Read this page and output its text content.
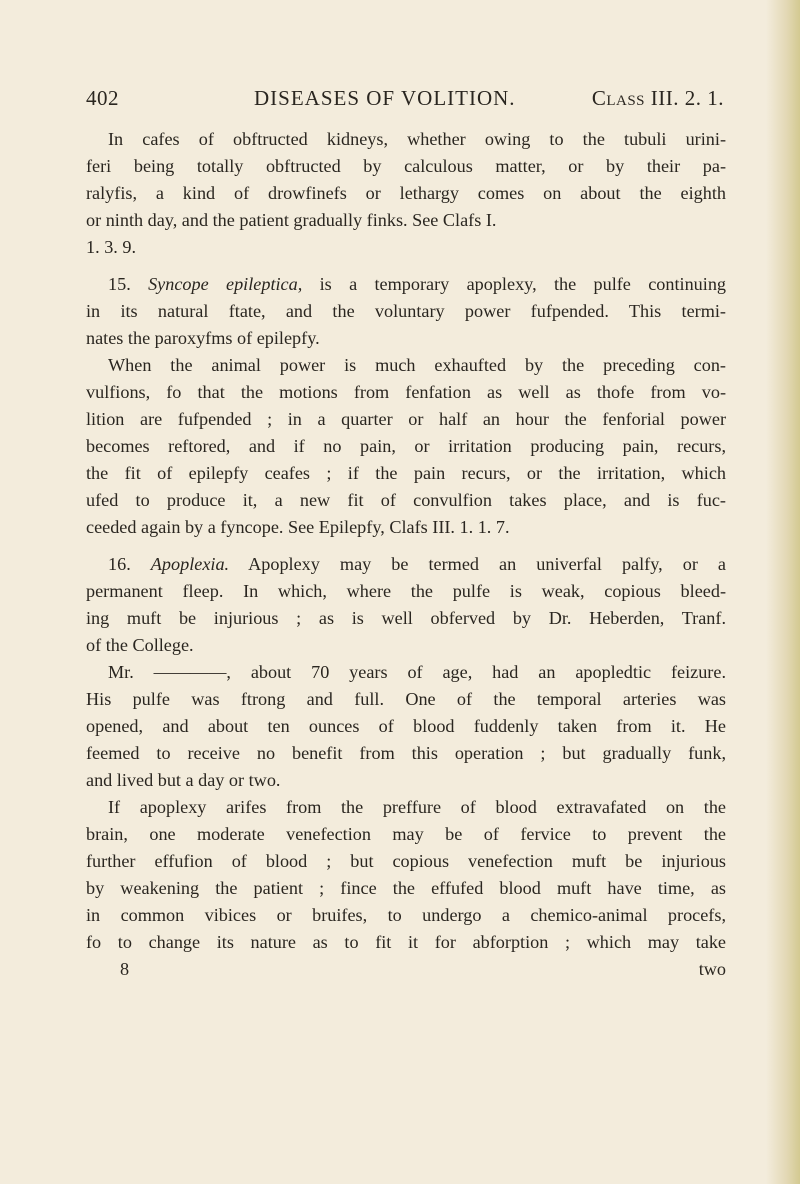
402	DISEASES OF VOLITION.	Class III. 2. 1.
In cafes of obftructed kidneys, whether owing to the tubuli urini-
feri being totally obftructed by calculous matter, or by their pa-
ralyfis, a kind of drowfinefs or lethargy comes on about the eighth
or ninth day, and the patient gradually finks. See Clafs I.
1. 3. 9.
15. Syncope epileptica, is a temporary apoplexy, the pulfe continuing
in its natural ftate, and the voluntary power fufpended. This termi-
nates the paroxyfms of epilepfy.
When the animal power is much exhaufted by the preceding con-
vulfions, fo that the motions from fenfation as well as thofe from vo-
lition are fufpended ; in a quarter or half an hour the fenforial power
becomes reftored, and if no pain, or irritation producing pain, recurs,
the fit of epilepfy ceafes ; if the pain recurs, or the irritation, which
ufed to produce it, a new fit of convulfion takes place, and is fuc-
ceeded again by a fyncope. See Epilepfy, Clafs III. 1. 1. 7.
16. Apoplexia. Apoplexy may be termed an univerfal palfy, or a
permanent fleep. In which, where the pulfe is weak, copious bleed-
ing muft be injurious ; as is well obferved by Dr. Heberden, Tranf.
of the College.
Mr. ————, about 70 years of age, had an apopledtic feizure.
His pulfe was ftrong and full. One of the temporal arteries was
opened, and about ten ounces of blood fuddenly taken from it. He
feemed to receive no benefit from this operation ; but gradually funk,
and lived but a day or two.
If apoplexy arifes from the preffure of blood extravafated on the
brain, one moderate venefection may be of fervice to prevent the
further effufion of blood ; but copious venefection muft be injurious
by weakening the patient ; fince the effufed blood muft have time, as
in common vibices or bruifes, to undergo a chemico-animal procefs,
fo to change its nature as to fit it for abforption ; which may take
8	two
